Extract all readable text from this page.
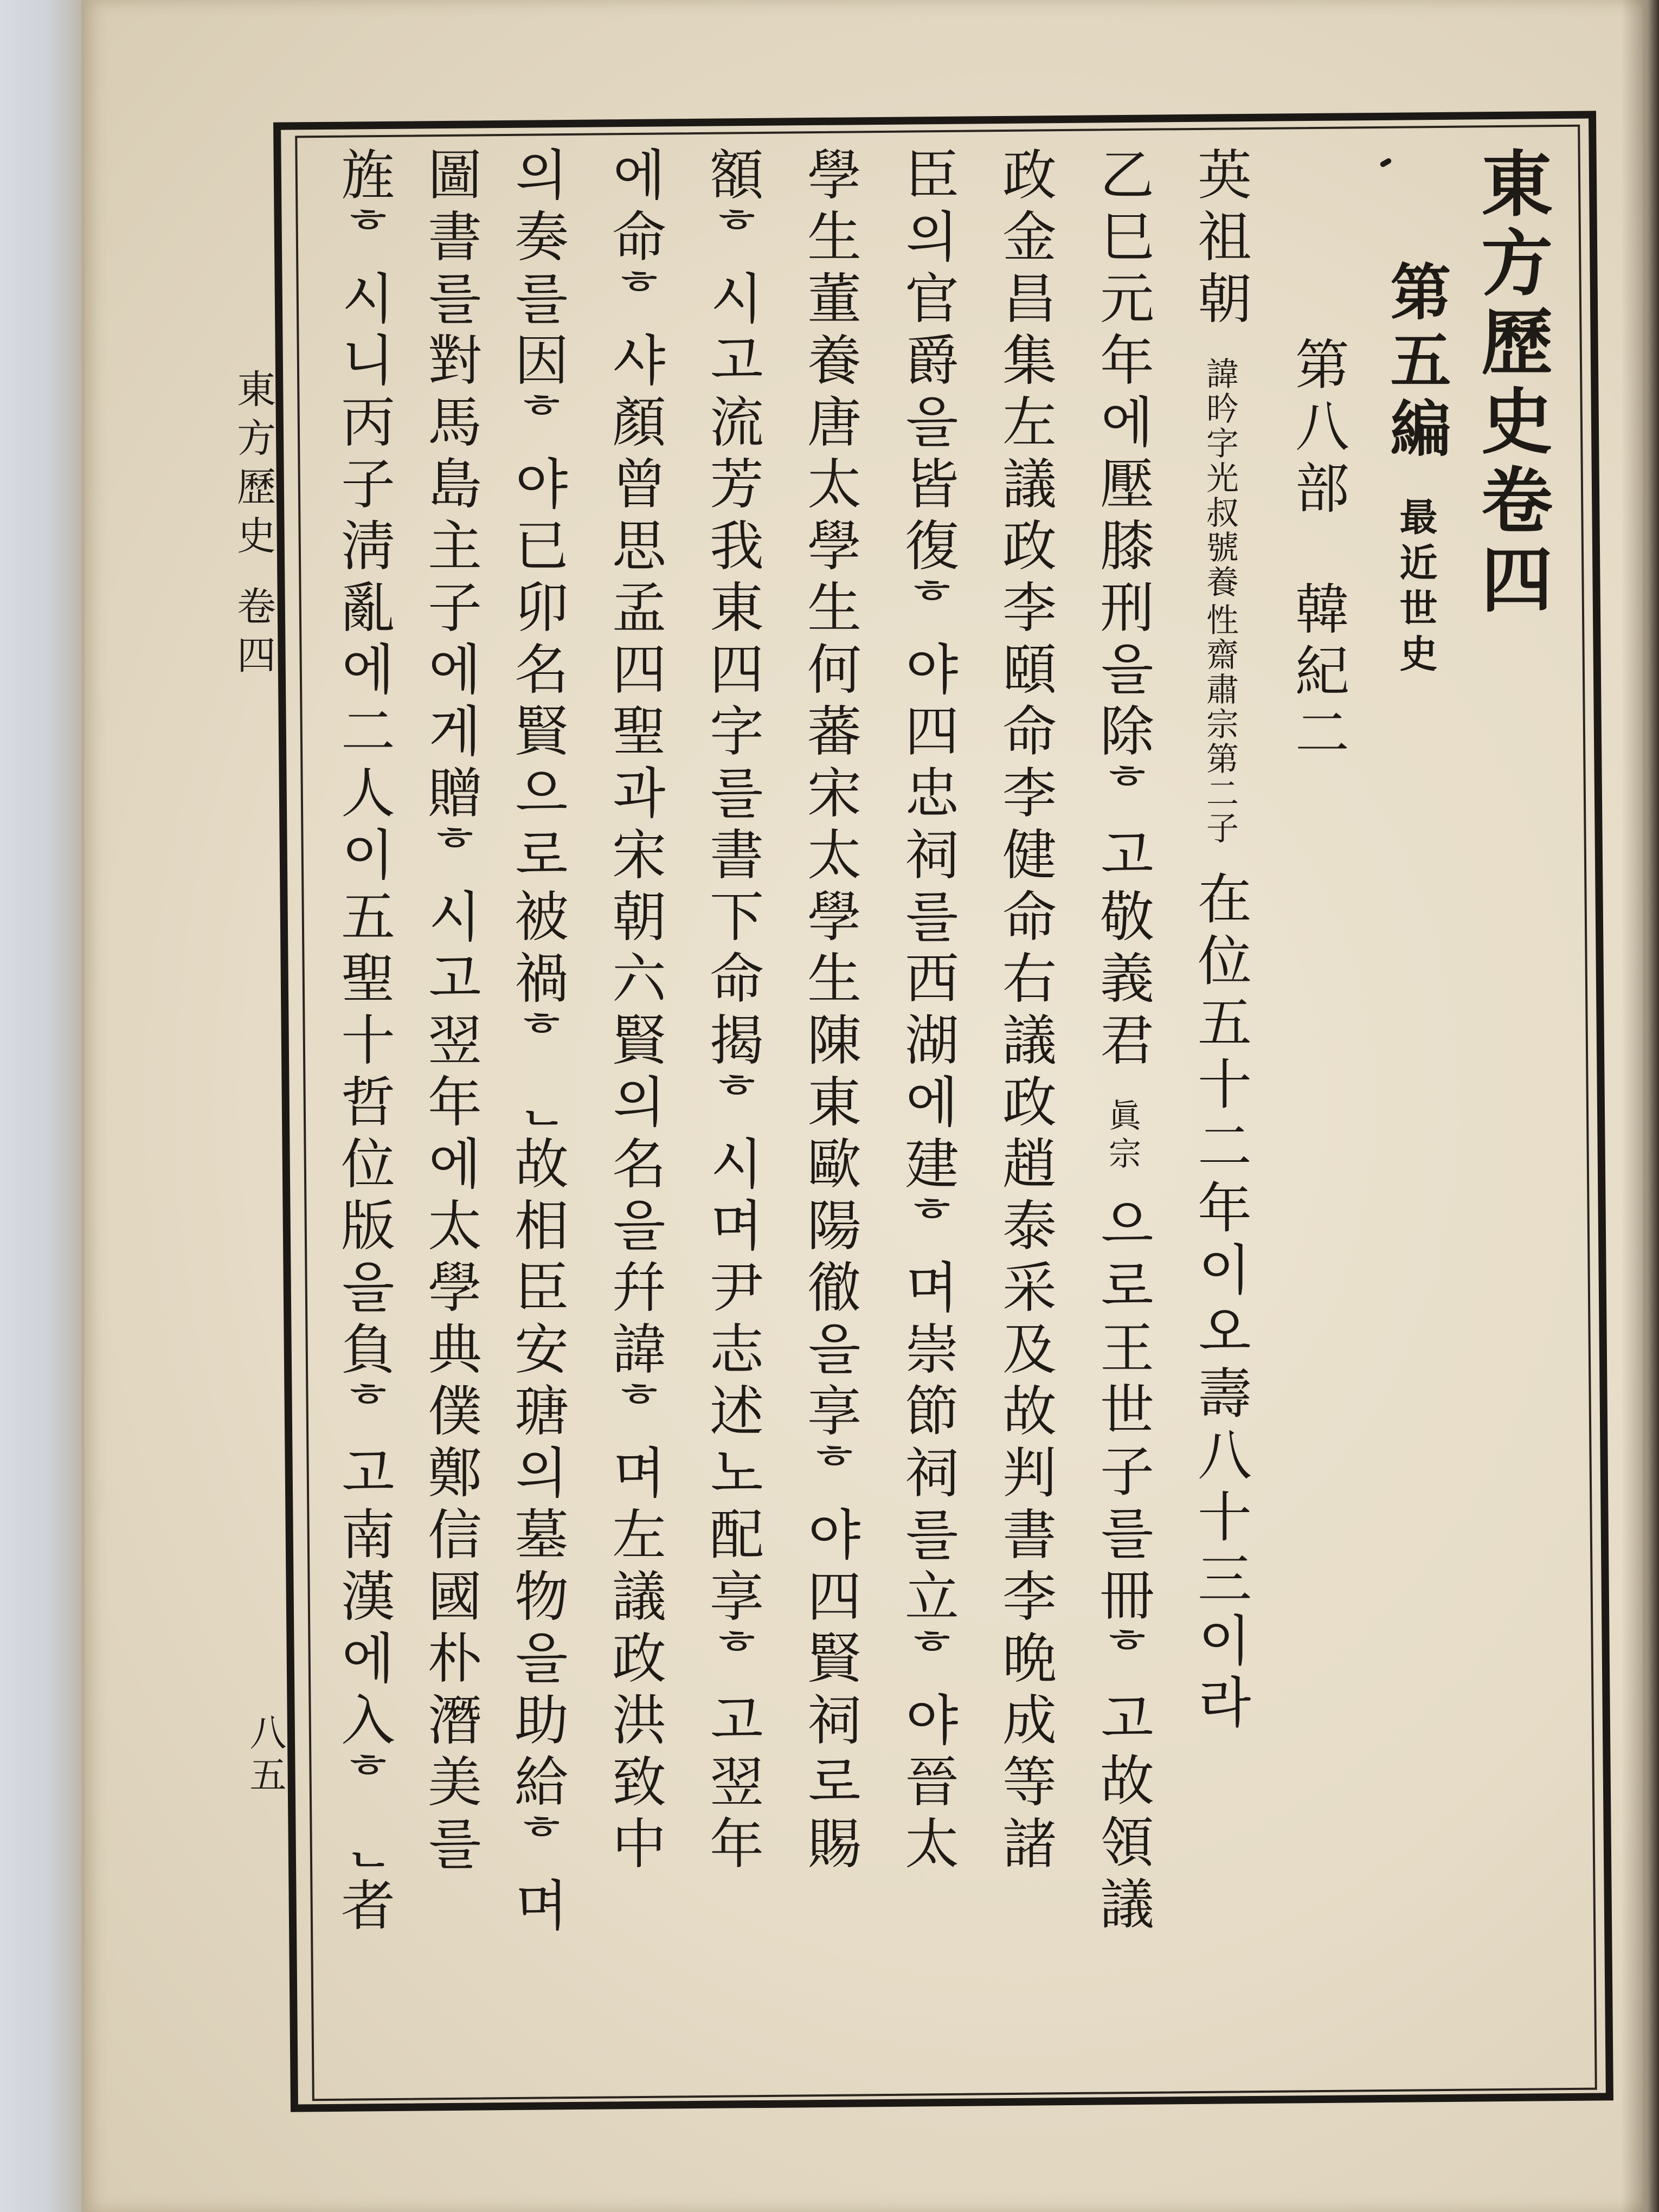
東方歷史 卷四
八五
東方歷史卷四
第五編 最近世史
第八部 韓紀二
英祖朝
諱昑字光叔號養
性齋肅宗第二子
在位五十二年이오壽八十三이라
乙巳元年에壓膝刑을除ᄒ고敬義君
眞
宗
으로王世子를冊ᄒ고故領議
政金昌集左議政李頤命李健命右議政趙泰采及故判書李晩成等諸
臣의官爵을皆復ᄒ야四忠祠를西湖에建ᄒ며崇節祠를立ᄒ야晉太
學生董養唐太學生何蕃宋太學生陳東歐陽徹을享ᄒ야四賢祠로賜
額ᄒ시고流芳我東四字를書下命揭ᄒ시며尹志述노配享ᄒ고翌年
에命ᄒ샤顏曾思孟四聖과宋朝六賢의名을幷諱ᄒ며左議政洪致中
의奏를因ᄒ야已卯名賢으로被禍ᄒᆫ故相臣安瑭의墓物을助給ᄒ며
圖書를對馬島主子에게贈ᄒ시고翌年에太學典僕鄭信國朴潛美를
旌ᄒ시니丙子淸亂에二人이五聖十哲位版을負ᄒ고南漢에入ᄒᆫ者
